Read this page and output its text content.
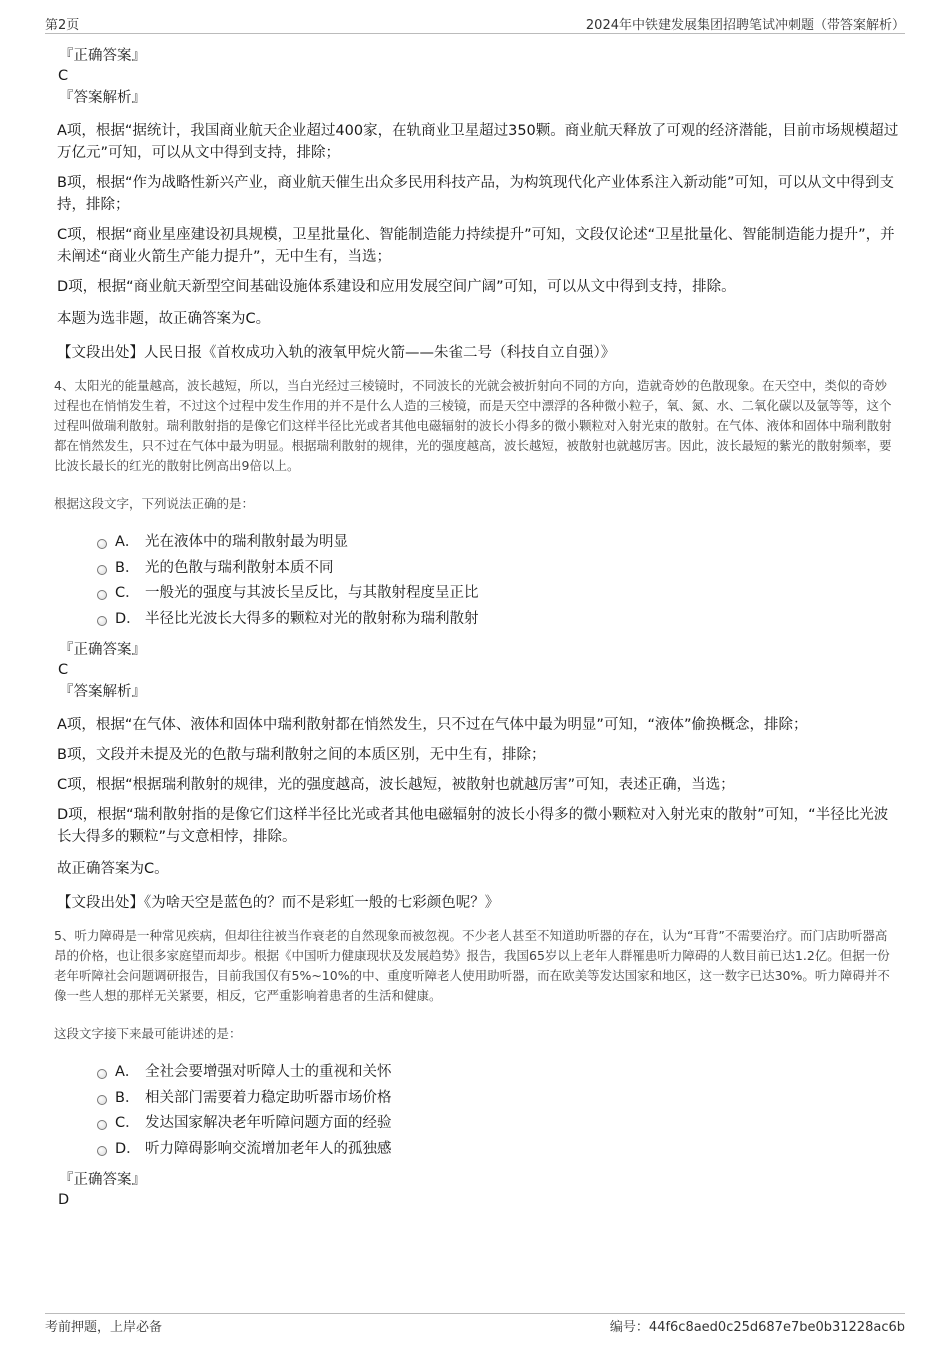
第2页	2024年中铁建发展集团招聘笔试冲刺题（带答案解析）
『正确答案』
C
『答案解析』
A项，根据“据统计，我国商业航天企业超过400家，在轨商业卫星超过350颗。商业航天释放了可观的经济潜能，目前市场规模超过万亿元”可知，可以从文中得到支持，排除；
B项，根据“作为战略性新兴产业，商业航天催生出众多民用科技产品，为构筑现代化产业体系注入新动能”可知，可以从文中得到支持，排除；
C项，根据“商业星座建设初具规模，卫星批量化、智能制造能力持续提升”可知，文段仅论述“卫星批量化、智能制造能力提升”，并未阐述“商业火箭生产能力提升”，无中生有，当选；
D项，根据“商业航天新型空间基础设施体系建设和应用发展空间广阔”可知，可以从文中得到支持，排除。
本题为选非题，故正确答案为C。
【文段出处】人民日报《首枚成功入轨的液氧甲烷火箭——朱雀二号（科技自立自强）》
4、太阳光的能量越高，波长越短，所以，当白光经过三棱镜时，不同波长的光就会被折射向不同的方向，造就奇妙的色散现象。在天空中，类似的奇妙过程也在悄悄发生着，不过这个过程中发生作用的并不是什么人造的三棱镜，而是天空中漂浮的各种微小粒子，氧、氮、水、二氧化碳以及氩等等，这个过程叫做瑞利散射。瑞利散射指的是像它们这样半径比光或者其他电磁辐射的波长小得多的微小颗粒对入射光束的散射。在气体、液体和固体中瑞利散射都在悄然发生，只不过在气体中最为明显。根据瑞利散射的规律，光的强度越高，波长越短，被散射也就越厉害。因此，波长最短的紫光的散射频率，要比波长最长的红光的散射比例高出9倍以上。
根据这段文字，下列说法正确的是：
A． 光在液体中的瑞利散射最为明显
B． 光的色散与瑞利散射本质不同
C． 一般光的强度与其波长呈反比，与其散射程度呈正比
D． 半径比光波长大得多的颗粒对光的散射称为瑞利散射
『正确答案』
C
『答案解析』
A项，根据“在气体、液体和固体中瑞利散射都在悄然发生，只不过在气体中最为明显”可知，“液体”偷换概念，排除；
B项，文段并未提及光的色散与瑞利散射之间的本质区别，无中生有，排除；
C项，根据“根据瑞利散射的规律，光的强度越高，波长越短，被散射也就越厉害”可知，表述正确，当选；
D项，根据“瑞利散射指的是像它们这样半径比光或者其他电磁辐射的波长小得多的微小颗粒对入射光束的散射”可知，“半径比光波长大得多的颗粒”与文意相悖，排除。
故正确答案为C。
【文段出处】《为啥天空是蓝色的？而不是彩虹一般的七彩颜色呢？》
5、听力障碍是一种常见疾病，但却往往被当作衰老的自然现象而被忽视。不少老人甚至不知道助听器的存在，认为“耳背”不需要治疗。而门店助听器高昂的价格，也让很多家庭望而却步。根据《中国听力健康现状及发展趋势》报告，我国65岁以上老年人群罹患听力障碍的人数目前已达1.2亿。但据一份老年听障社会问题调研报告，目前我国仅有5%~10%的中、重度听障老人使用助听器，而在欧美等发达国家和地区，这一数字已达30%。听力障碍并不像一些人想的那样无关紧要，相反，它严重影响着患者的生活和健康。
这段文字接下来最可能讲述的是：
A． 全社会要增强对听障人士的重视和关怀
B． 相关部门需要着力稳定助听器市场价格
C． 发达国家解决老年听障问题方面的经验
D． 听力障碍影响交流增加老年人的孤独感
『正确答案』
D
考前押题，上岸必备	编号：44f6c8aed0c25d687e7be0b31228ac6b
